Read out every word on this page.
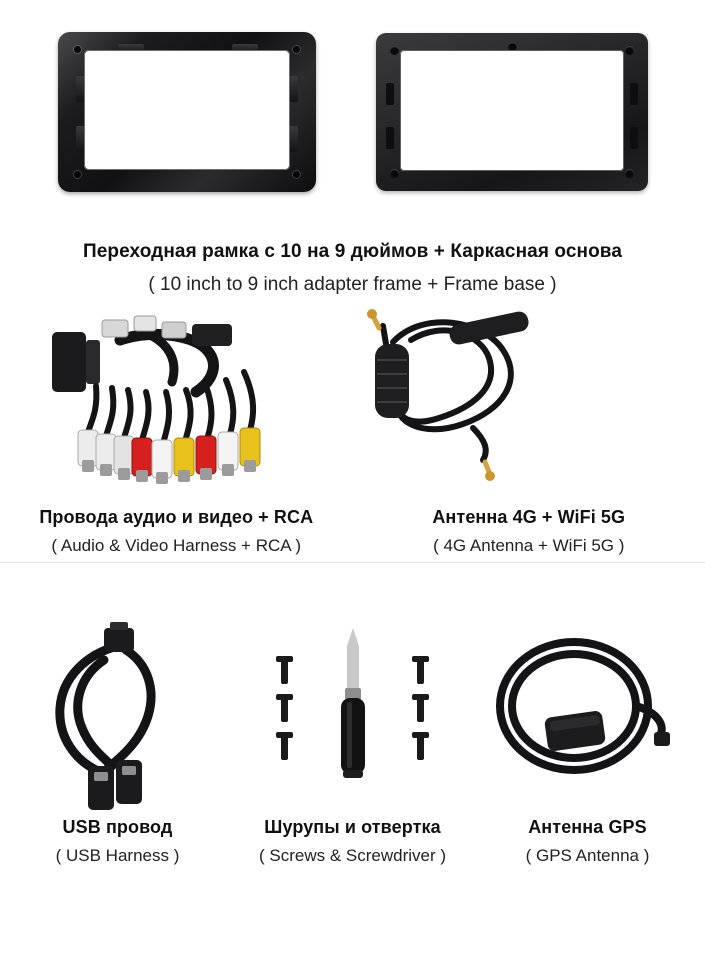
Переходная рамка с 10 на 9 дюймов + Каркасная основа
( 10 inch to 9 inch adapter frame + Frame base )
Провода аудио и видео + RCA
( Audio & Video Harness + RCA )
Антенна 4G + WiFi 5G
( 4G Antenna + WiFi 5G )
USB провод
( USB Harness )
Шурупы и отвертка
( Screws & Screwdriver )
Антенна GPS
( GPS Antenna )
